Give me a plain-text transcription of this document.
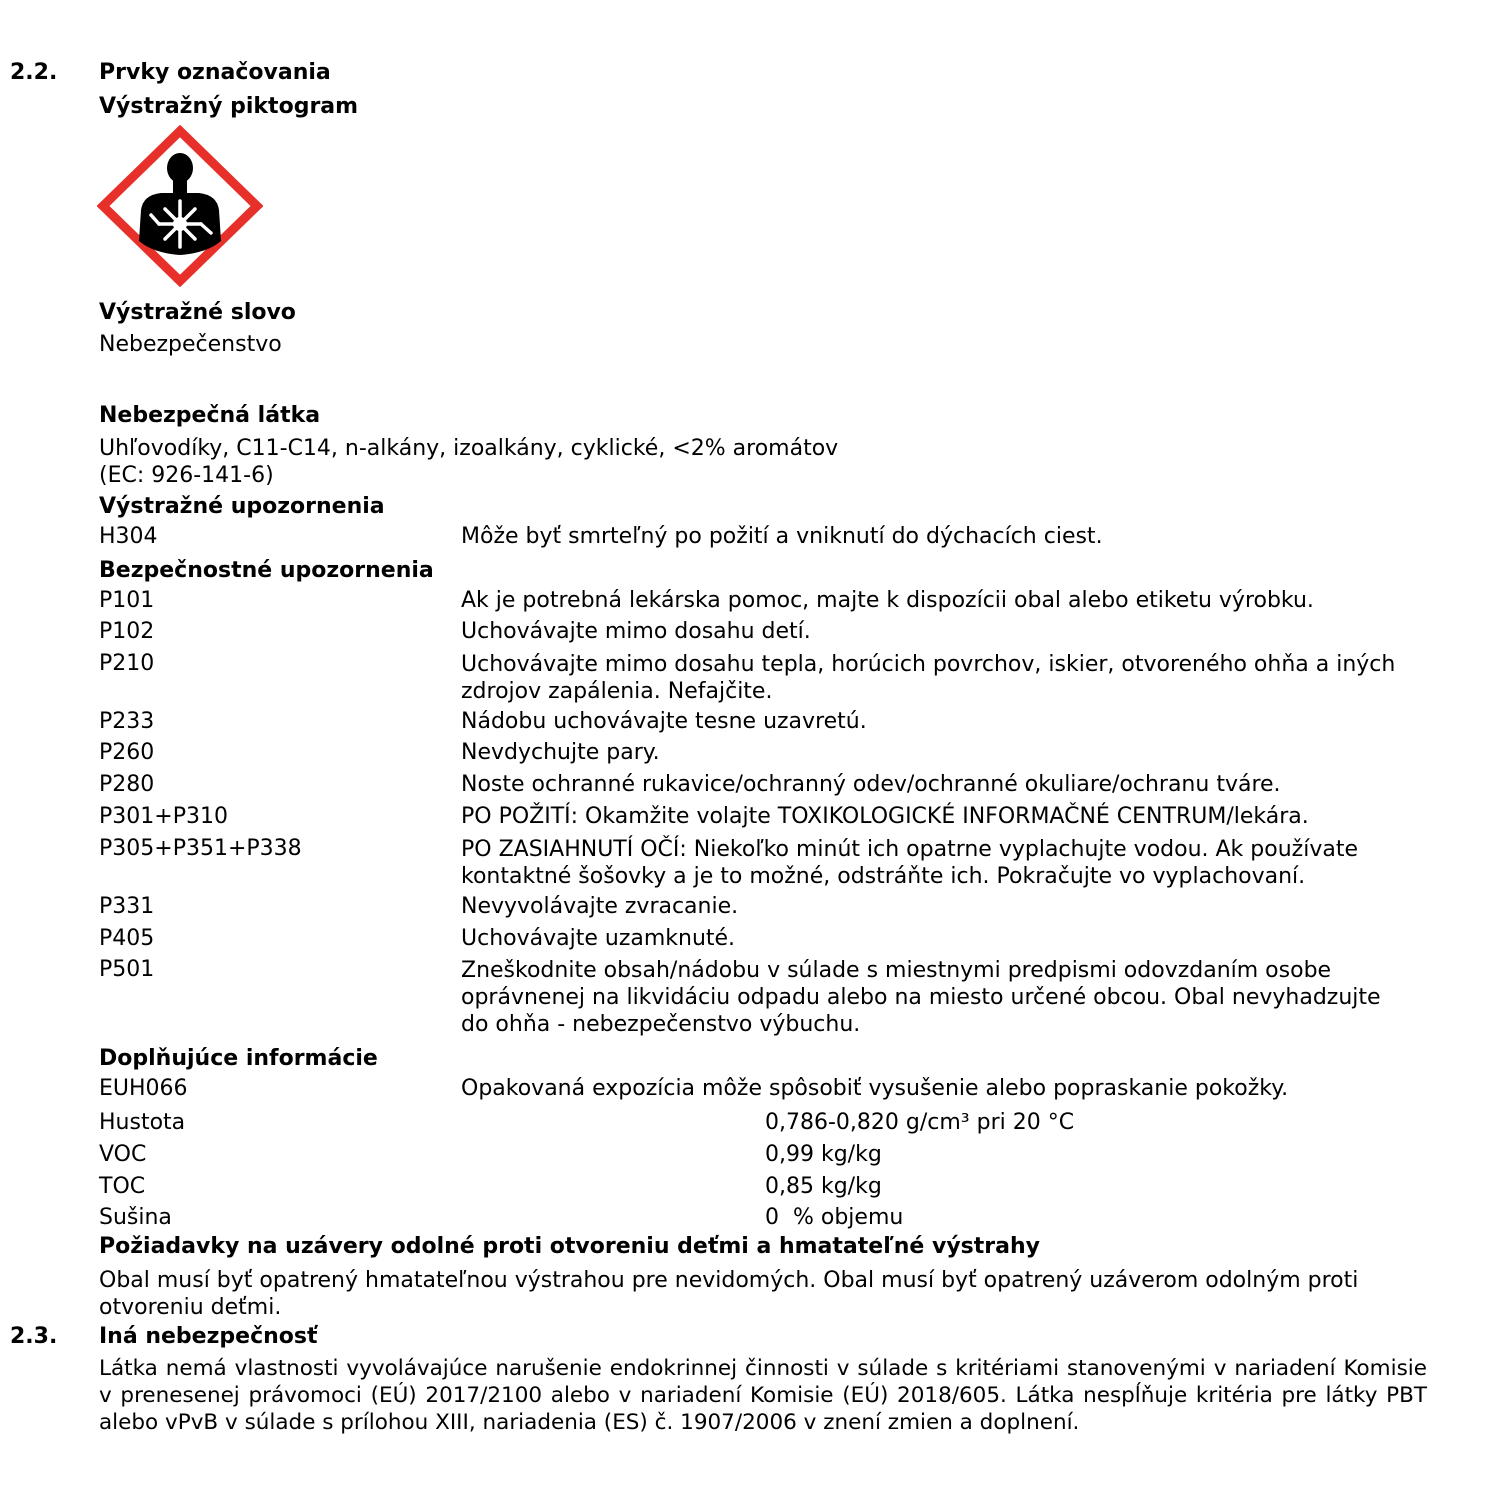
2.2. Prvky označovania
Výstražný piktogram
Výstražné slovo
Nebezpečenstvo
Nebezpečná látka
Uhľovodíky, C11-C14, n-alkány, izoalkány, cyklické, <2% aromátov
(EC: 926-141-6)
Výstražné upozornenia
H304	Môže byť smrteľný po požití a vniknutí do dýchacích ciest.
Bezpečnostné upozornenia
P101	Ak je potrebná lekárska pomoc, majte k dispozícii obal alebo etiketu výrobku.
P102	Uchovávajte mimo dosahu detí.
P210	Uchovávajte mimo dosahu tepla, horúcich povrchov, iskier, otvoreného ohňa a iných zdrojov zapálenia. Nefajčite.
P233	Nádobu uchovávajte tesne uzavretú.
P260	Nevdychujte pary.
P280	Noste ochranné rukavice/ochranný odev/ochranné okuliare/ochranu tváre.
P301+P310	PO POŽITÍ: Okamžite volajte TOXIKOLOGICKÉ INFORMAČNÉ CENTRUM/lekára.
P305+P351+P338	PO ZASIAHNUTÍ OČÍ: Niekoľko minút ich opatrne vyplachujte vodou. Ak používate kontaktné šošovky a je to možné, odstráňte ich. Pokračujte vo vyplachovaní.
P331	Nevyvolávajte zvracanie.
P405	Uchovávajte uzamknuté.
P501	Zneškodnite obsah/nádobu v súlade s miestnymi predpismi odovzdaním osobe oprávnenej na likvidáciu odpadu alebo na miesto určené obcou. Obal nevyhadzujte do ohňa - nebezpečenstvo výbuchu.
Doplňujúce informácie
EUH066	Opakovaná expozícia môže spôsobiť vysušenie alebo popraskanie pokožky.
Hustota	0,786-0,820 g/cm³ pri 20 °C
VOC	0,99 kg/kg
TOC	0,85 kg/kg
Sušina	0  % objemu
Požiadavky na uzávery odolné proti otvoreniu deťmi a hmatateľné výstrahy
Obal musí byť opatrený hmatateľnou výstrahou pre nevidomých. Obal musí byť opatrený uzáverom odolným proti otvoreniu deťmi.
2.3. Iná nebezpečnosť
Látka nemá vlastnosti vyvolávajúce narušenie endokrinnej činnosti v súlade s kritériami stanovenými v nariadení Komisie v prenesenej právomoci (EÚ) 2017/2100 alebo v nariadení Komisie (EÚ) 2018/605. Látka nespĺňuje kritéria pre látky PBT alebo vPvB v súlade s prílohou XIII, nariadenia (ES) č. 1907/2006 v znení zmien a doplnení.
